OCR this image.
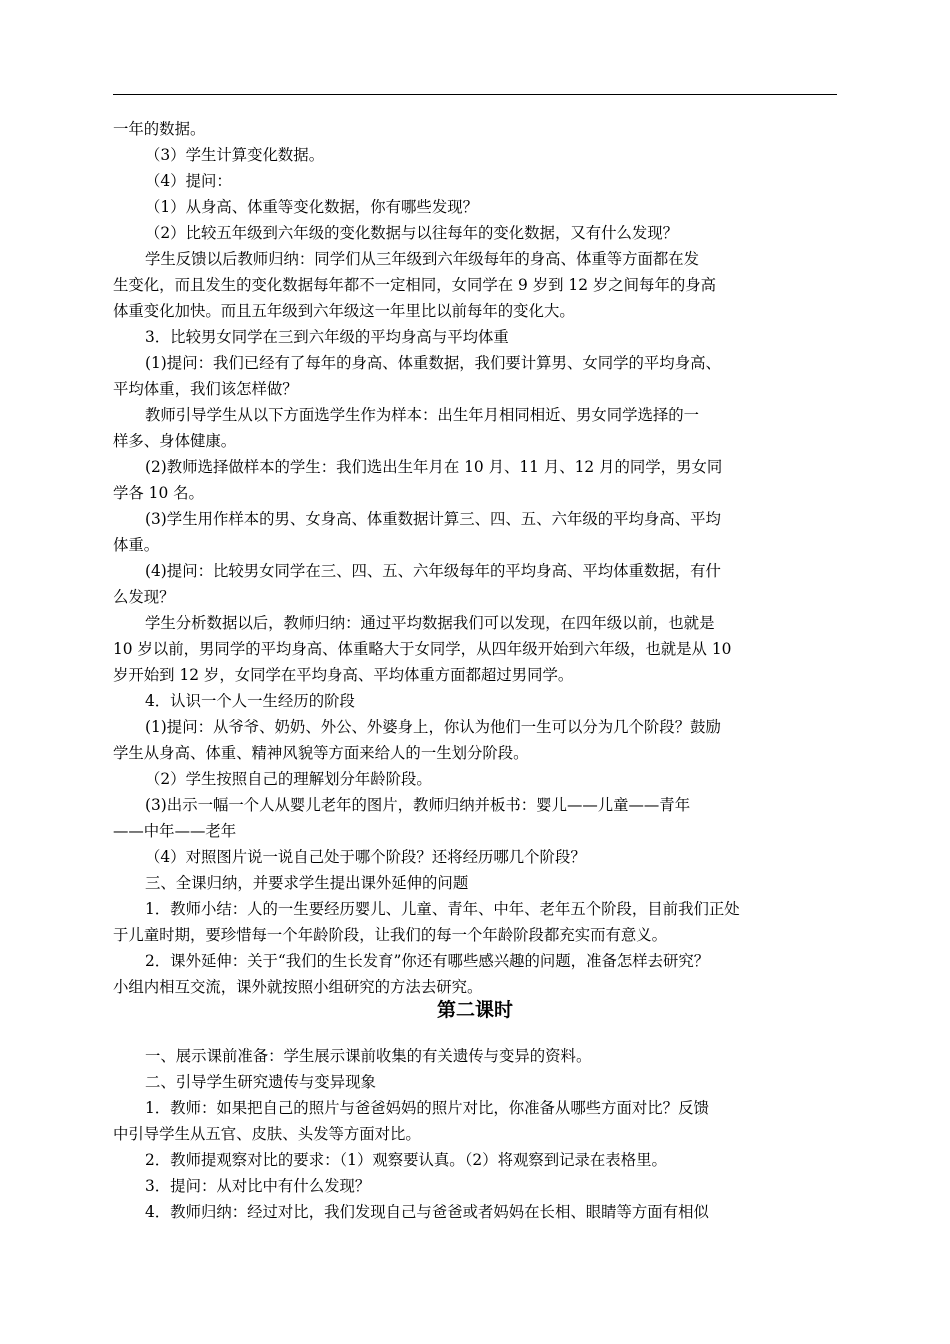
一年的数据。

（3）学生计算变化数据。

（4）提问：

（1）从身高、体重等变化数据，你有哪些发现？

（2）比较五年级到六年级的变化数据与以往每年的变化数据，又有什么发现？

学生反馈以后教师归纳：同学们从三年级到六年级每年的身高、体重等方面都在发

生变化，而且发生的变化数据每年都不一定相同，女同学在 9 岁到 12 岁之间每年的身高

体重变化加快。而且五年级到六年级这一年里比以前每年的变化大。

3．比较男女同学在三到六年级的平均身高与平均体重

(1)提问：我们已经有了每年的身高、体重数据，我们要计算男、女同学的平均身高、

平均体重，我们该怎样做？

教师引导学生从以下方面选学生作为样本：出生年月相同相近、男女同学选择的一

样多、身体健康。

(2)教师选择做样本的学生：我们选出生年月在 10 月、11 月、12 月的同学，男女同

学各 10 名。

(3)学生用作样本的男、女身高、体重数据计算三、四、五、六年级的平均身高、平均

体重。

(4)提问：比较男女同学在三、四、五、六年级每年的平均身高、平均体重数据，有什

么发现？

学生分析数据以后，教师归纳：通过平均数据我们可以发现，在四年级以前，也就是

10 岁以前，男同学的平均身高、体重略大于女同学，从四年级开始到六年级，也就是从 10

岁开始到 12 岁，女同学在平均身高、平均体重方面都超过男同学。

4．认识一个人一生经历的阶段

(1)提问：从爷爷、奶奶、外公、外婆身上，你认为他们一生可以分为几个阶段？鼓励

学生从身高、体重、精神风貌等方面来给人的一生划分阶段。

（2）学生按照自己的理解划分年龄阶段。

(3)出示一幅一个人从婴儿老年的图片，教师归纳并板书：婴儿——儿童——青年

——中年——老年

（4）对照图片说一说自己处于哪个阶段？还将经历哪几个阶段？

三、全课归纳，并要求学生提出课外延伸的问题

1．教师小结：人的一生要经历婴儿、儿童、青年、中年、老年五个阶段，目前我们正处

于儿童时期，要珍惜每一个年龄阶段，让我们的每一个年龄阶段都充实而有意义。

2．课外延伸：关于“我们的生长发育”你还有哪些感兴趣的问题，准备怎样去研究？

小组内相互交流，课外就按照小组研究的方法去研究。

第二课时

一、展示课前准备：学生展示课前收集的有关遗传与变异的资料。

二、引导学生研究遗传与变异现象

1．教师：如果把自己的照片与爸爸妈妈的照片对比，你准备从哪些方面对比？反馈

中引导学生从五官、皮肤、头发等方面对比。

2．教师提观察对比的要求：（1）观察要认真。（2）将观察到记录在表格里。

3．提问：从对比中有什么发现？

4．教师归纳：经过对比，我们发现自己与爸爸或者妈妈在长相、眼睛等方面有相似
